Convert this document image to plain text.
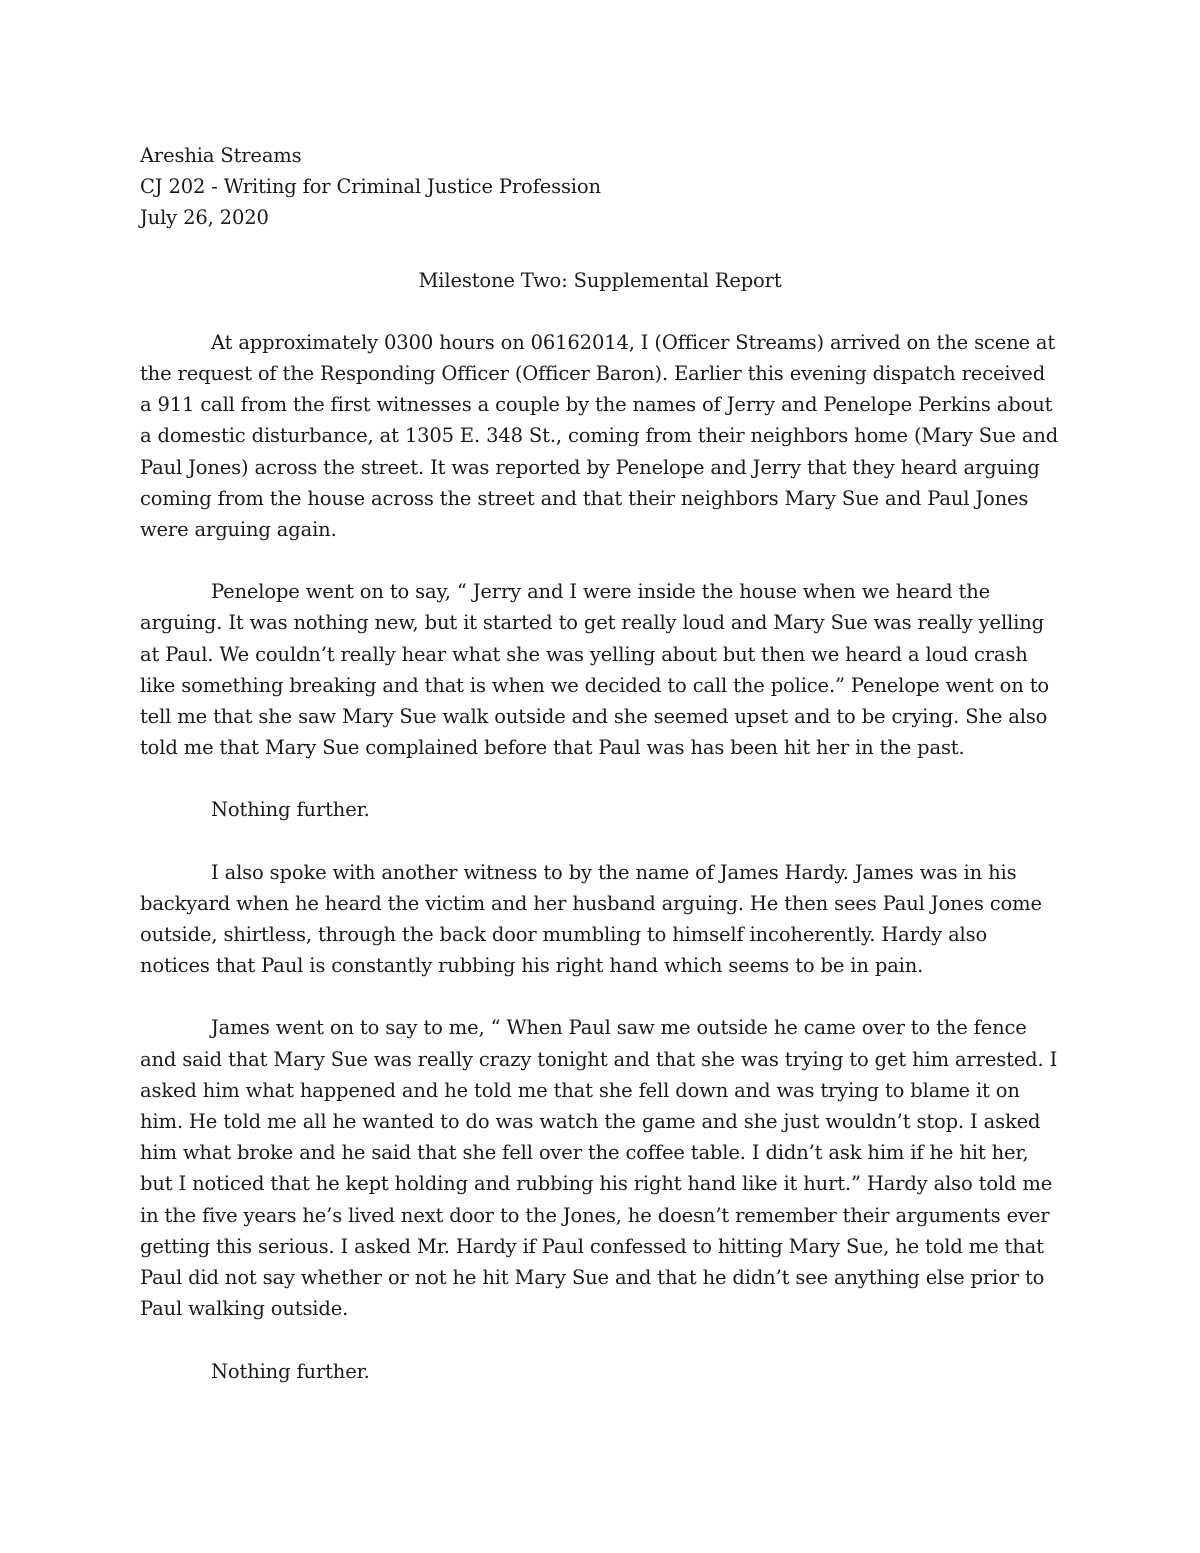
Areshia Streams

CJ 202 - Writing for Criminal Justice Profession

July 26, 2020

Milestone Two: Supplemental Report

At approximately 0300 hours on 06162014, I (Officer Streams) arrived on the scene at the request of the Responding Officer (Officer Baron). Earlier this evening dispatch received a 911 call from the first witnesses a couple by the names of Jerry and Penelope Perkins about a domestic disturbance, at 1305 E. 348 St., coming from their neighbors home (Mary Sue and Paul Jones) across the street. It was reported by Penelope and Jerry that they heard arguing coming from the house across the street and that their neighbors Mary Sue and Paul Jones were arguing again.

Penelope went on to say, “ Jerry and I were inside the house when we heard the arguing. It was nothing new, but it started to get really loud and Mary Sue was really yelling at Paul. We couldn’t really hear what she was yelling about but then we heard a loud crash like something breaking and that is when we decided to call the police.” Penelope went on to tell me that she saw Mary Sue walk outside and she seemed upset and to be crying. She also told me that Mary Sue complained before that Paul was has been hit her in the past.

Nothing further.

I also spoke with another witness to by the name of James Hardy. James was in his backyard when he heard the victim and her husband arguing. He then sees Paul Jones come outside, shirtless, through the back door mumbling to himself incoherently. Hardy also notices that Paul is constantly rubbing his right hand which seems to be in pain.

James went on to say to me, “ When Paul saw me outside he came over to the fence and said that Mary Sue was really crazy tonight and that she was trying to get him arrested. I asked him what happened and he told me that she fell down and was trying to blame it on him. He told me all he wanted to do was watch the game and she just wouldn’t stop. I asked him what broke and he said that she fell over the coffee table. I didn’t ask him if he hit her, but I noticed that he kept holding and rubbing his right hand like it hurt.” Hardy also told me in the five years he’s lived next door to the Jones, he doesn’t remember their arguments ever getting this serious. I asked Mr. Hardy if Paul confessed to hitting Mary Sue, he told me that Paul did not say whether or not he hit Mary Sue and that he didn’t see anything else prior to Paul walking outside.

Nothing further.
